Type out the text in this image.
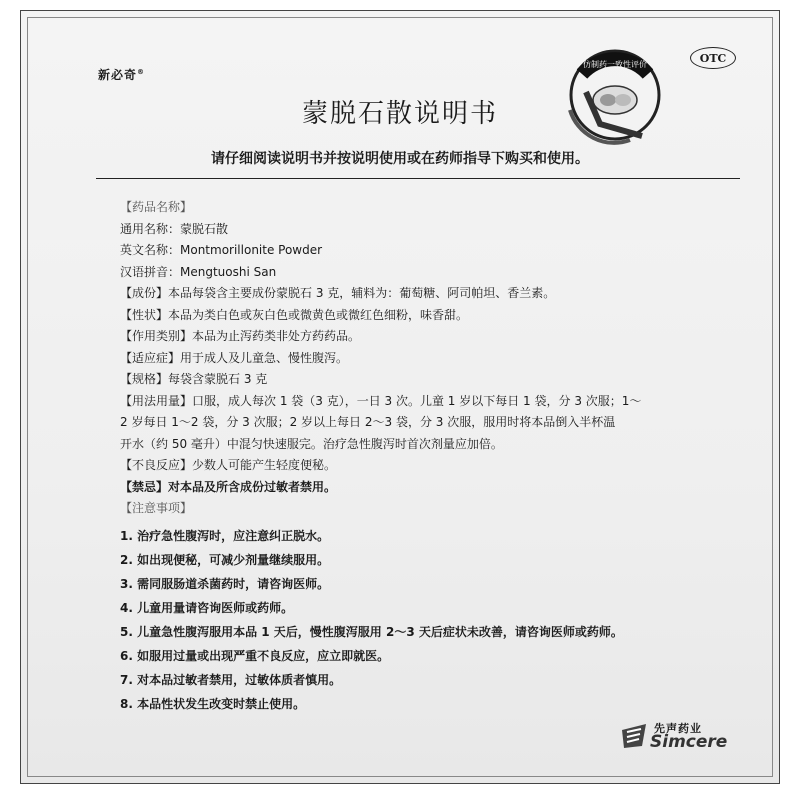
新必奇®
仿制药一致性评价	OTC
蒙脱石散说明书
请仔细阅读说明书并按说明使用或在药师指导下购买和使用。
【药品名称】
通用名称：蒙脱石散
英文名称：Montmorillonite Powder
汉语拼音：Mengtuoshi San
【成份】本品每袋含主要成份蒙脱石 3 克，辅料为：葡萄糖、阿司帕坦、香兰素。
【性状】本品为类白色或灰白色或微黄色或微红色细粉，味香甜。
【作用类别】本品为止泻药类非处方药药品。
【适应症】用于成人及儿童急、慢性腹泻。
【规格】每袋含蒙脱石 3 克
【用法用量】口服，成人每次 1 袋（3 克），一日 3 次。儿童 1 岁以下每日 1 袋，分 3 次服；1～
2 岁每日 1～2 袋，分 3 次服；2 岁以上每日 2～3 袋，分 3 次服，服用时将本品倒入半杯温
开水（约 50 毫升）中混匀快速服完。治疗急性腹泻时首次剂量应加倍。
【不良反应】少数人可能产生轻度便秘。
【禁忌】对本品及所含成份过敏者禁用。
【注意事项】
1. 治疗急性腹泻时，应注意纠正脱水。
2. 如出现便秘，可减少剂量继续服用。
3. 需同服肠道杀菌药时，请咨询医师。
4. 儿童用量请咨询医师或药师。
5. 儿童急性腹泻服用本品 1 天后，慢性腹泻服用 2～3 天后症状未改善，请咨询医师或药师。
6. 如服用过量或出现严重不良反应，应立即就医。
7. 对本品过敏者禁用，过敏体质者慎用。
8. 本品性状发生改变时禁止使用。
先声药业
Simcere
